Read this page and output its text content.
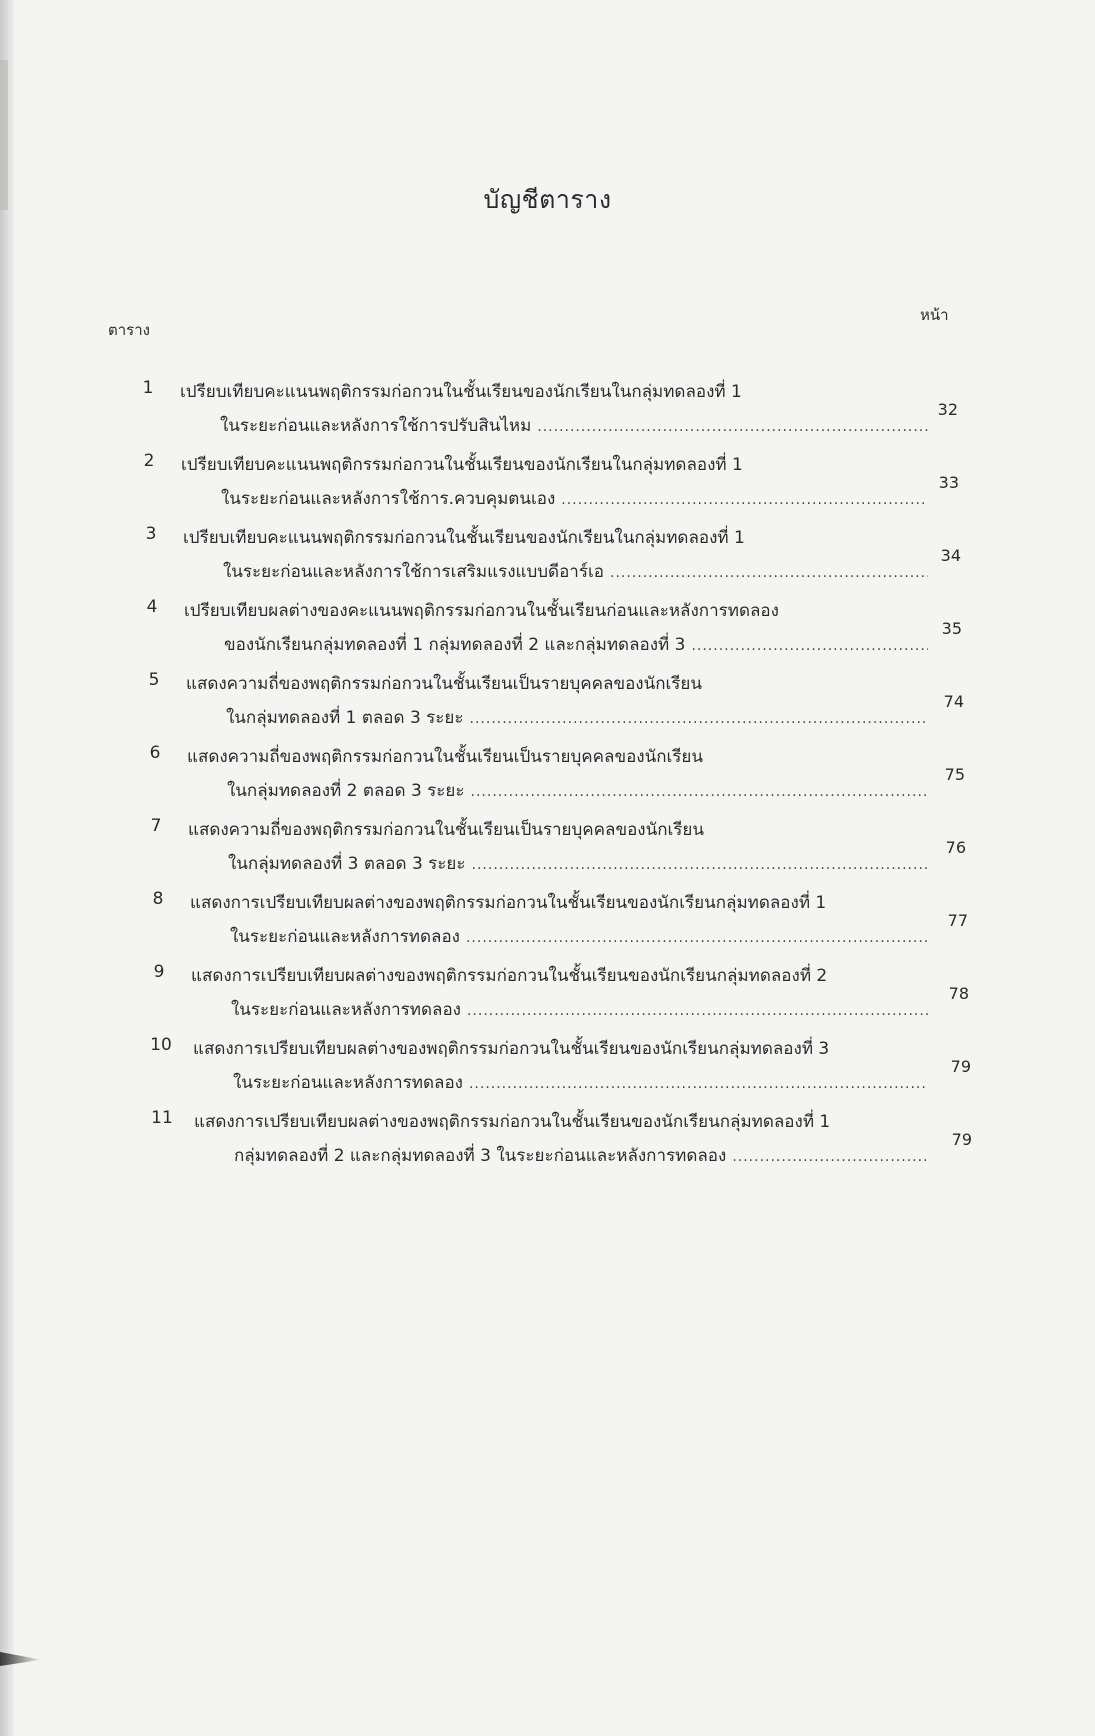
บัญชีตาราง
ตาราง
หน้า
1	เปรียบเทียบคะแนนพฤติกรรมก่อกวนในชั้นเรียนของนักเรียนในกลุ่มทดลองที่ 1
ในระยะก่อนและหลังการใช้การปรับสินไหม
.....
32
2	เปรียบเทียบคะแนนพฤติกรรมก่อกวนในชั้นเรียนของนักเรียนในกลุ่มทดลองที่ 1
ในระยะก่อนและหลังการใช้การ.ควบคุมตนเอง
.....
33
3	เปรียบเทียบคะแนนพฤติกรรมก่อกวนในชั้นเรียนของนักเรียนในกลุ่มทดลองที่ 1
ในระยะก่อนและหลังการใช้การเสริมแรงแบบดีอาร์เอ
.....
34
4	เปรียบเทียบผลต่างของคะแนนพฤติกรรมก่อกวนในชั้นเรียนก่อนและหลังการทดลอง
ของนักเรียนกลุ่มทดลองที่ 1 กลุ่มทดลองที่ 2 และกลุ่มทดลองที่ 3
.....
35
5	แสดงความถี่ของพฤติกรรมก่อกวนในชั้นเรียนเป็นรายบุคคลของนักเรียน
ในกลุ่มทดลองที่ 1 ตลอด 3 ระยะ
.....
74
6	แสดงความถี่ของพฤติกรรมก่อกวนในชั้นเรียนเป็นรายบุคคลของนักเรียน
ในกลุ่มทดลองที่ 2 ตลอด 3 ระยะ
.....
75
7	แสดงความถี่ของพฤติกรรมก่อกวนในชั้นเรียนเป็นรายบุคคลของนักเรียน
ในกลุ่มทดลองที่ 3 ตลอด 3 ระยะ
.....
76
8	แสดงการเปรียบเทียบผลต่างของพฤติกรรมก่อกวนในชั้นเรียนของนักเรียนกลุ่มทดลองที่ 1
ในระยะก่อนและหลังการทดลอง
.....
77
9	แสดงการเปรียบเทียบผลต่างของพฤติกรรมก่อกวนในชั้นเรียนของนักเรียนกลุ่มทดลองที่ 2
ในระยะก่อนและหลังการทดลอง
.....
78
10	แสดงการเปรียบเทียบผลต่างของพฤติกรรมก่อกวนในชั้นเรียนของนักเรียนกลุ่มทดลองที่ 3
ในระยะก่อนและหลังการทดลอง
.....
79
11	แสดงการเปรียบเทียบผลต่างของพฤติกรรมก่อกวนในชั้นเรียนของนักเรียนกลุ่มทดลองที่ 1
กลุ่มทดลองที่ 2 และกลุ่มทดลองที่ 3 ในระยะก่อนและหลังการทดลอง
.....
79
